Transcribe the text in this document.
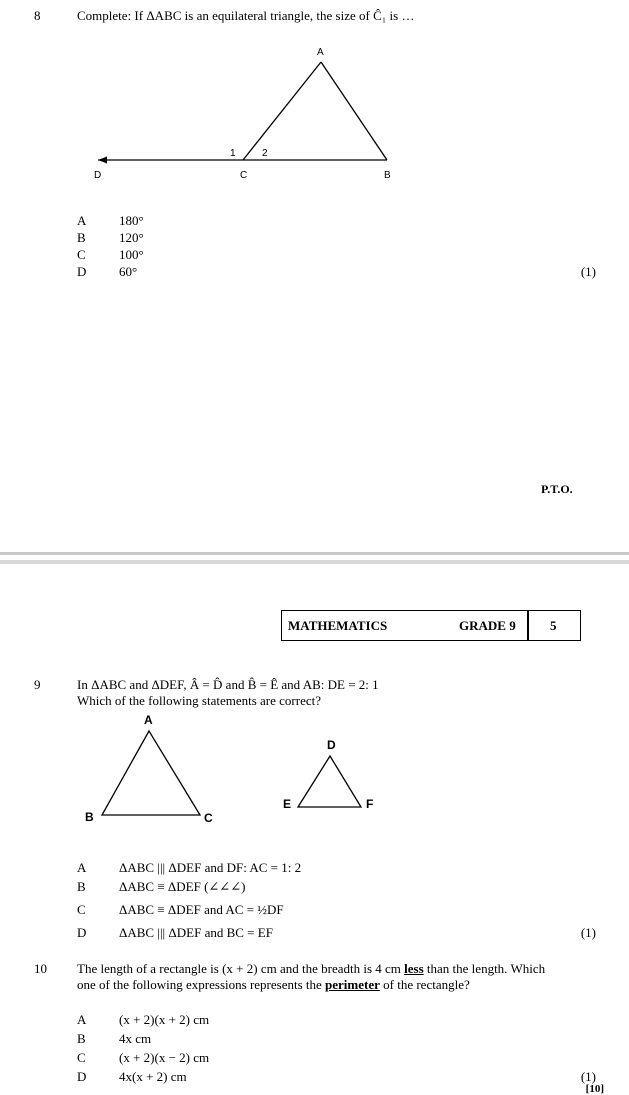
8	Complete: If ΔABC is an equilateral triangle, the size of Ĉ₁ is …
A
1	2
D	C	B
A	180°
B	120°
C	100°
D	60°	(1)
P.T.O.
MATHEMATICS	GRADE 9	5
9	In ΔABC and ΔDEF, Â = D̂ and B̂ = Ê and AB: DE = 2: 1
Which of the following statements are correct?
A
B	C
D
E	F
A	ΔABC ||| ΔDEF and DF: AC = 1: 2
B	ΔABC ≡ ΔDEF (∠∠∠)
C	ΔABC ≡ ΔDEF and AC = ½DF
D	ΔABC ||| ΔDEF and BC = EF	(1)
10 The length of a rectangle is (x + 2) cm and the breadth is 4 cm less than the length. Which
one of the following expressions represents the perimeter of the rectangle?
A	(x + 2)(x + 2) cm
B	4x cm
C	(x + 2)(x − 2) cm
D	4x(x + 2) cm	(1)
[10]
